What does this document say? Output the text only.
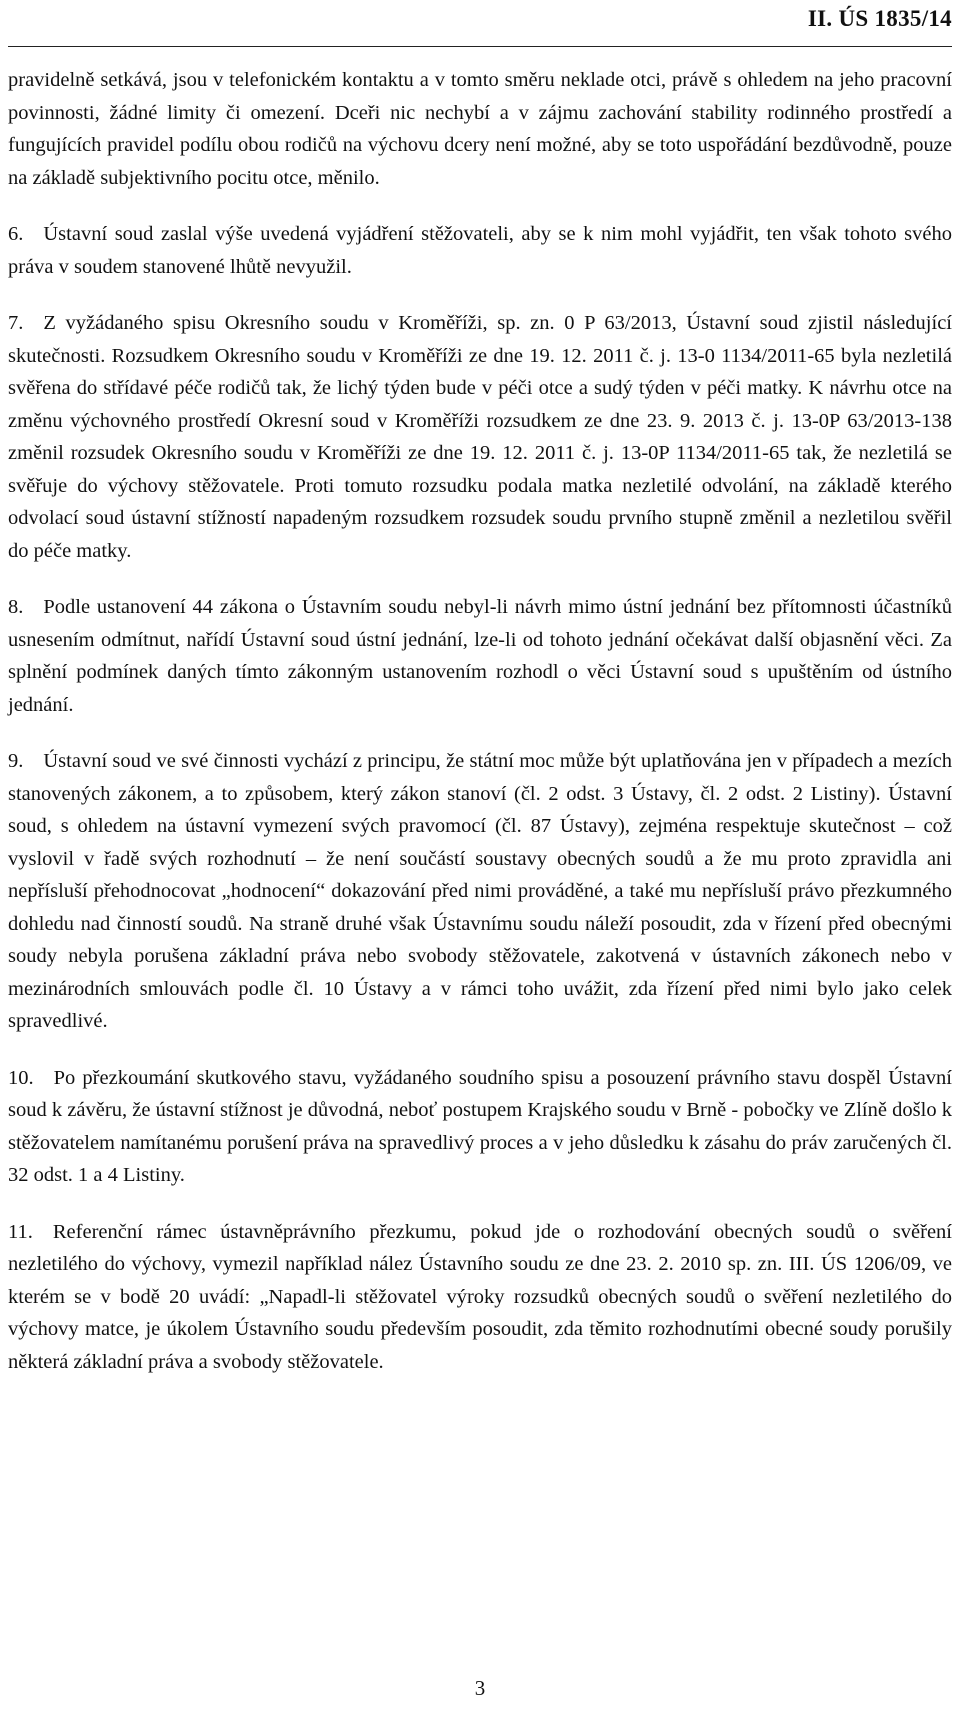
II. ÚS 1835/14

pravidelně setkává, jsou v telefonickém kontaktu a v tomto směru neklade otci, právě s ohledem na jeho pracovní povinnosti, žádné limity či omezení. Dceři nic nechybí a v zájmu zachování stability rodinného prostředí a fungujících pravidel podílu obou rodičů na výchovu dcery není možné, aby se toto uspořádání bezdůvodně, pouze na základě subjektivního pocitu otce, měnilo.

6. Ústavní soud zaslal výše uvedená vyjádření stěžovateli, aby se k nim mohl vyjádřit, ten však tohoto svého práva v soudem stanovené lhůtě nevyužil.

7. Z vyžádaného spisu Okresního soudu v Kroměříži, sp. zn. 0 P 63/2013, Ústavní soud zjistil následující skutečnosti. Rozsudkem Okresního soudu v Kroměříži ze dne 19. 12. 2011 č. j. 13-0 1134/2011-65 byla nezletilá svěřena do střídavé péče rodičů tak, že lichý týden bude v péči otce a sudý týden v péči matky. K návrhu otce na změnu výchovného prostředí Okresní soud v Kroměříži rozsudkem ze dne 23. 9. 2013 č. j. 13-0P 63/2013-138 změnil rozsudek Okresního soudu v Kroměříži ze dne 19. 12. 2011 č. j. 13-0P 1134/2011-65 tak, že nezletilá se svěřuje do výchovy stěžovatele. Proti tomuto rozsudku podala matka nezletilé odvolání, na základě kterého odvolací soud ústavní stížností napadeným rozsudkem rozsudek soudu prvního stupně změnil a nezletilou svěřil do péče matky.

8. Podle ustanovení 44 zákona o Ústavním soudu nebyl-li návrh mimo ústní jednání bez přítomnosti účastníků usnesením odmítnut, nařídí Ústavní soud ústní jednání, lze-li od tohoto jednání očekávat další objasnění věci. Za splnění podmínek daných tímto zákonným ustanovením rozhodl o věci Ústavní soud s upuštěním od ústního jednání.

9. Ústavní soud ve své činnosti vychází z principu, že státní moc může být uplatňována jen v případech a mezích stanovených zákonem, a to způsobem, který zákon stanoví (čl. 2 odst. 3 Ústavy, čl. 2 odst. 2 Listiny). Ústavní soud, s ohledem na ústavní vymezení svých pravomocí (čl. 87 Ústavy), zejména respektuje skutečnost – což vyslovil v řadě svých rozhodnutí – že není součástí soustavy obecných soudů a že mu proto zpravidla ani nepřísluší přehodnocovat „hodnocení“ dokazování před nimi prováděné, a také mu nepřísluší právo přezkumného dohledu nad činností soudů. Na straně druhé však Ústavnímu soudu náleží posoudit, zda v řízení před obecnými soudy nebyla porušena základní práva nebo svobody stěžovatele, zakotvená v ústavních zákonech nebo v mezinárodních smlouvách podle čl. 10 Ústavy a v rámci toho uvážit, zda řízení před nimi bylo jako celek spravedlivé.

10. Po přezkoumání skutkového stavu, vyžádaného soudního spisu a posouzení právního stavu dospěl Ústavní soud k závěru, že ústavní stížnost je důvodná, neboť postupem Krajského soudu v Brně - pobočky ve Zlíně došlo k stěžovatelem namítanému porušení práva na spravedlivý proces a v jeho důsledku k zásahu do práv zaručených čl. 32 odst. 1 a 4 Listiny.

11. Referenční rámec ústavněprávního přezkumu, pokud jde o rozhodování obecných soudů o svěření nezletilého do výchovy, vymezil například nález Ústavního soudu ze dne 23. 2. 2010 sp. zn. III. ÚS 1206/09, ve kterém se v bodě 20 uvádí: „Napadl-li stěžovatel výroky rozsudků obecných soudů o svěření nezletilého do výchovy matce, je úkolem Ústavního soudu především posoudit, zda těmito rozhodnutími obecné soudy porušily některá základní práva a svobody stěžovatele.

3
